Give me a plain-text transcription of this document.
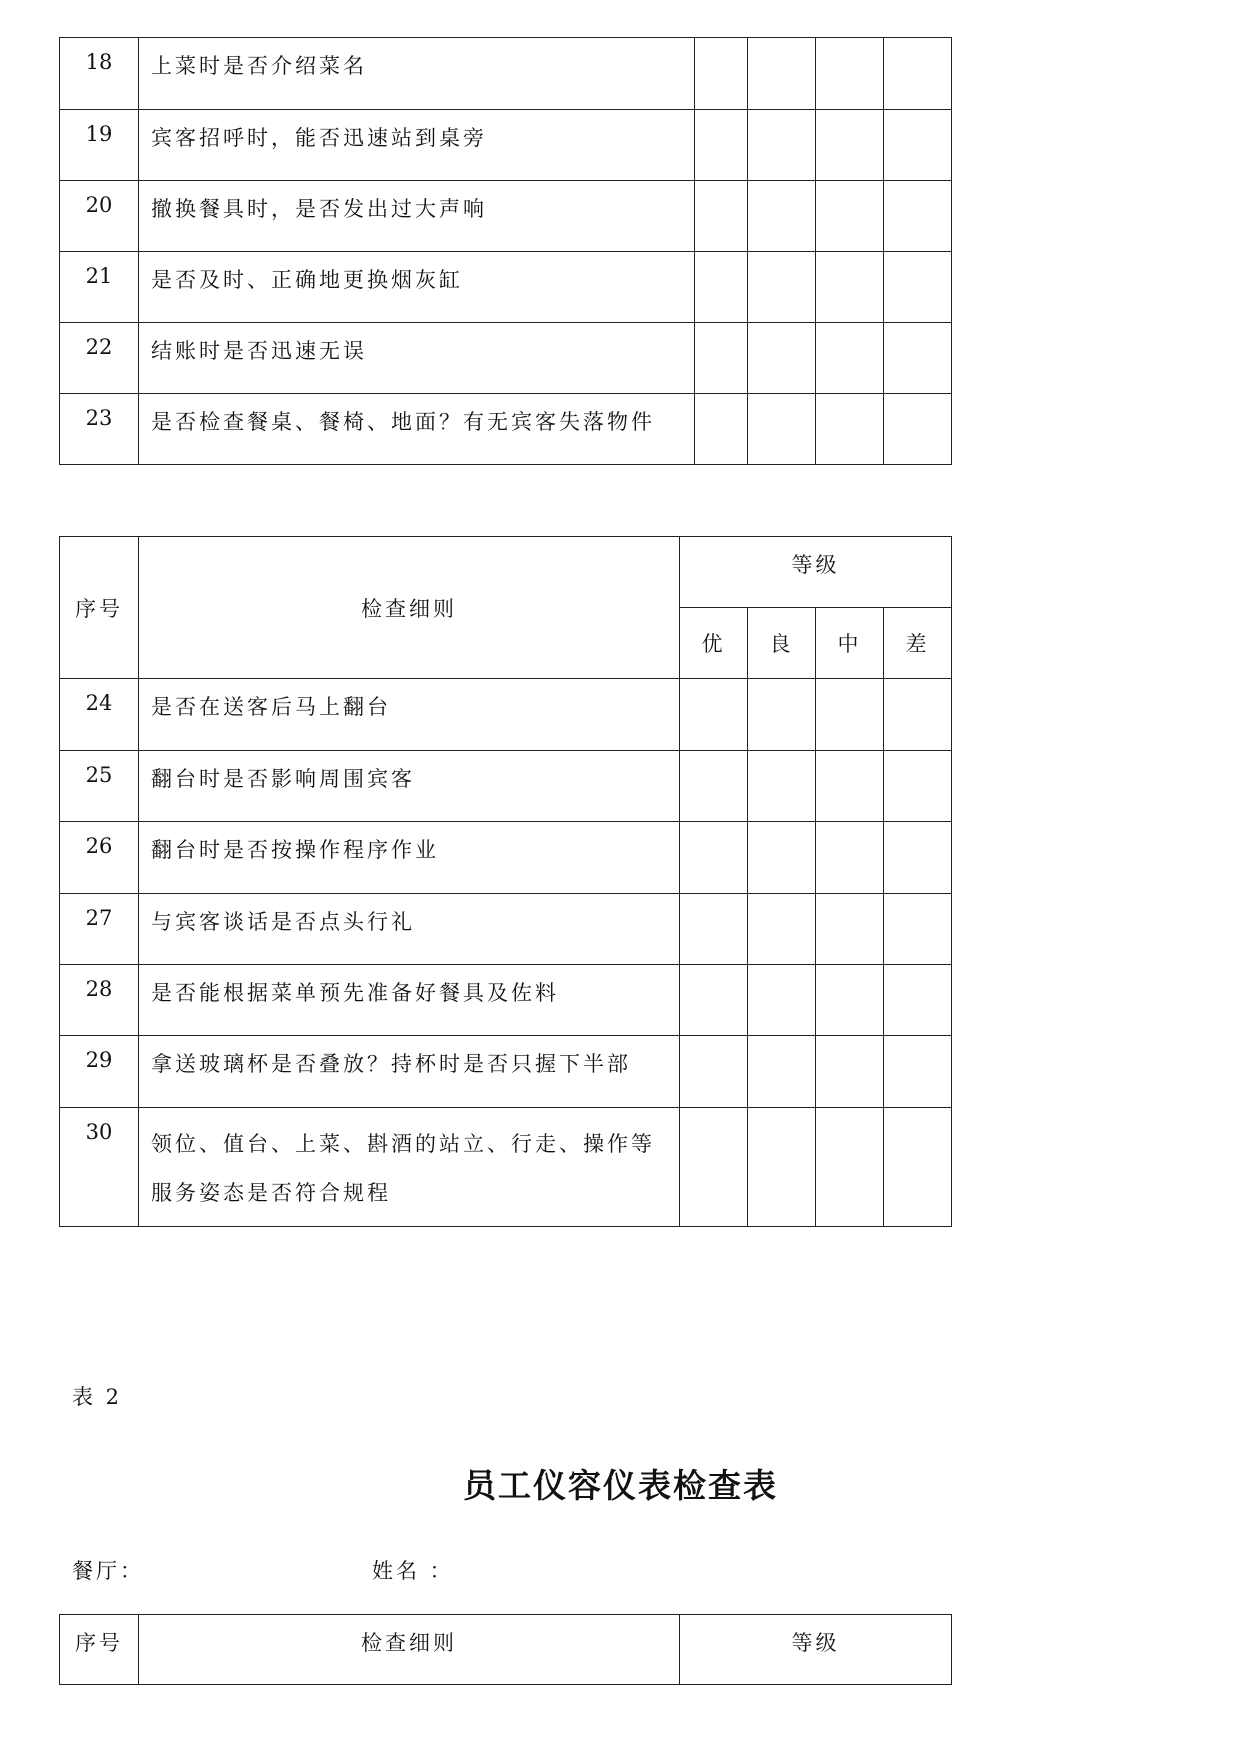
18	上菜时是否介绍菜名				
19	宾客招呼时，能否迅速站到桌旁				
20	撤换餐具时，是否发出过大声响				
21	是否及时、正确地更换烟灰缸				
22	结账时是否迅速无误				
23	是否检查餐桌、餐椅、地面？有无宾客失落物件				
序号	检查细则	等级			
		优	良	中	差
24	是否在送客后马上翻台				
25	翻台时是否影响周围宾客				
26	翻台时是否按操作程序作业				
27	与宾客谈话是否点头行礼				
28	是否能根据菜单预先准备好餐具及佐料				
29	拿送玻璃杯是否叠放？持杯时是否只握下半部				
30	领位、值台、上菜、斟酒的站立、行走、操作等服务姿态是否符合规程				
表 2
员工仪容仪表检查表
餐厅：	姓名 ：
序号	检查细则	等级
